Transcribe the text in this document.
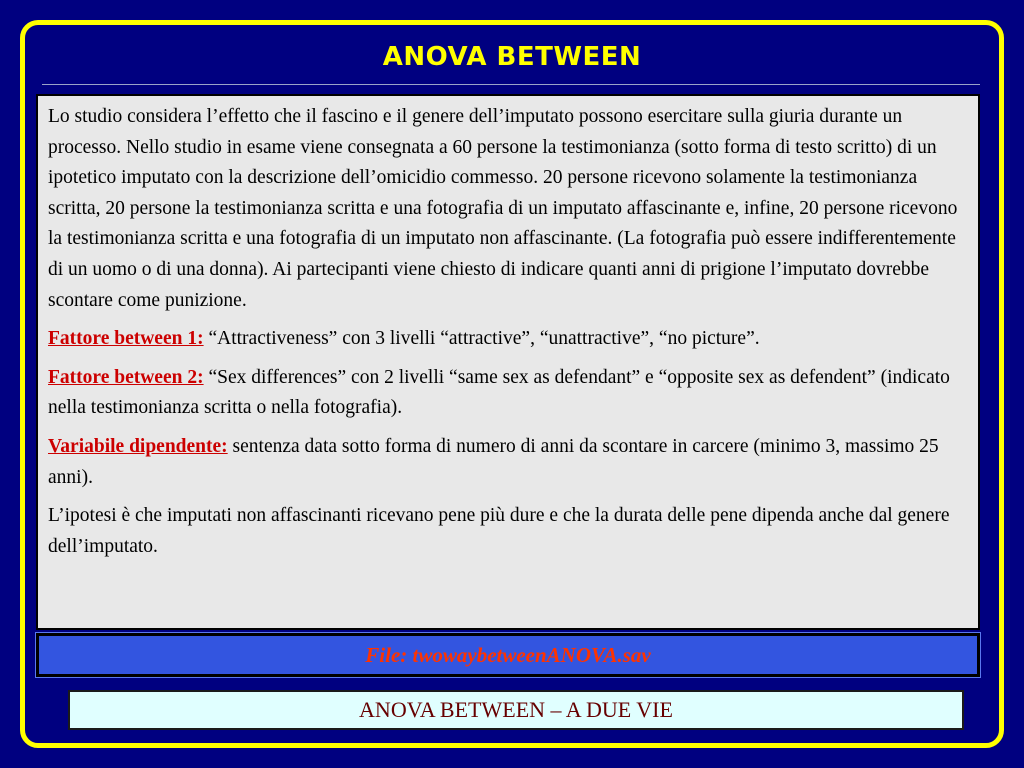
ANOVA BETWEEN

Lo studio considera l’effetto che il fascino e il genere dell’imputato possono esercitare sulla giuria durante un processo. Nello studio in esame viene consegnata a 60 persone la testimonianza (sotto forma di testo scritto) di un ipotetico imputato con la descrizione dell’omicidio commesso. 20 persone ricevono solamente la testimonianza scritta, 20 persone la testimonianza scritta e una fotografia di un imputato affascinante e, infine, 20 persone ricevono la testimonianza scritta e una fotografia di un imputato non affascinante. (La fotografia può essere indifferentemente di un uomo o di una donna). Ai partecipanti viene chiesto di indicare quanti anni di prigione l’imputato dovrebbe scontare come punizione.

Fattore between 1: “Attractiveness” con 3 livelli “attractive”, “unattractive”, “no picture”.

Fattore between 2: “Sex differences” con 2 livelli “same sex as defendant” e “opposite sex as defendent” (indicato nella testimonianza scritta o nella fotografia).

Variabile dipendente: sentenza data sotto forma di numero di anni da scontare in carcere (minimo 3, massimo 25 anni).

L’ipotesi è che imputati non affascinanti ricevano pene più dure e che la durata delle pene dipenda anche dal genere dell’imputato.

File: twowaybetweenANOVA.sav
ANOVA BETWEEN – A DUE VIE
